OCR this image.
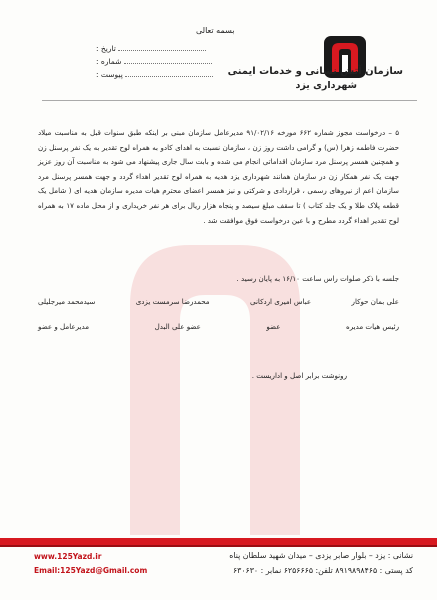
بسمه تعالی
تاریخ :
شماره :
پیوست :	سازمان آتش نشانی و خدمات ایمنی
شهرداری یزد
۵ – درخواست مجوز شماره ۶۶۲ مورخه ۹۱/۰۲/۱۶ مدیرعامل سازمان مبنی بر اینکه طبق سنوات قبل به مناسبت میلاد حضرت فاطمه زهرا (س) و گرامی داشت روز زن ، سازمان نسبت به اهدای کادو به همراه لوح تقدیر به یک نفر پرسنل زن و همچنین همسر پرسنل مرد سازمان اقداماتی انجام می شده و بابت سال جاری پیشنهاد می شود به مناسبت آن روز عزیز جهت یک نفر همکار زن در سازمان همانند شهرداری یزد هدیه به همراه لوح تقدیر اهداء گردد و جهت همسر پرسنل مرد سازمان اعم از نیروهای رسمی ، قراردادی و شرکتی و نیز همسر اعضای محترم هیات مدیره سازمان هدیه ای ( شامل یک قطعه پلاک طلا و یک جلد کتاب ) تا سقف مبلغ سیصد و پنجاه هزار ریال برای هر نفر خریداری و از محل ماده ۱۷ به همراه لوح تقدیر اهداء گردد مطرح و با عین درخواست فوق موافقت شد .
جلسه با ذکر صلوات راس ساعت ۱۶/۱۰ به پایان رسید .
علی بمان حوکار
عباس امیری اردکانی
محمدرضا سرمست یزدی
سیدمحمد میرجلیلی
رئیس هیات مدیره
عضو
عضو علی البدل
مدیرعامل و عضو
رونوشت برابر اصل و اداریست .
www.125Yazd.ir
Email:125Yazd@Gmail.com
نشانی : یزد – بلوار صابر یزدی – میدان شهید سلطان پناه
کد پستی : ۸۹۱۹۸۹۸۴۶۵ تلفن: ۶۲۵۶۶۶۵ نمابر : ۶۳۰۶۳۰
